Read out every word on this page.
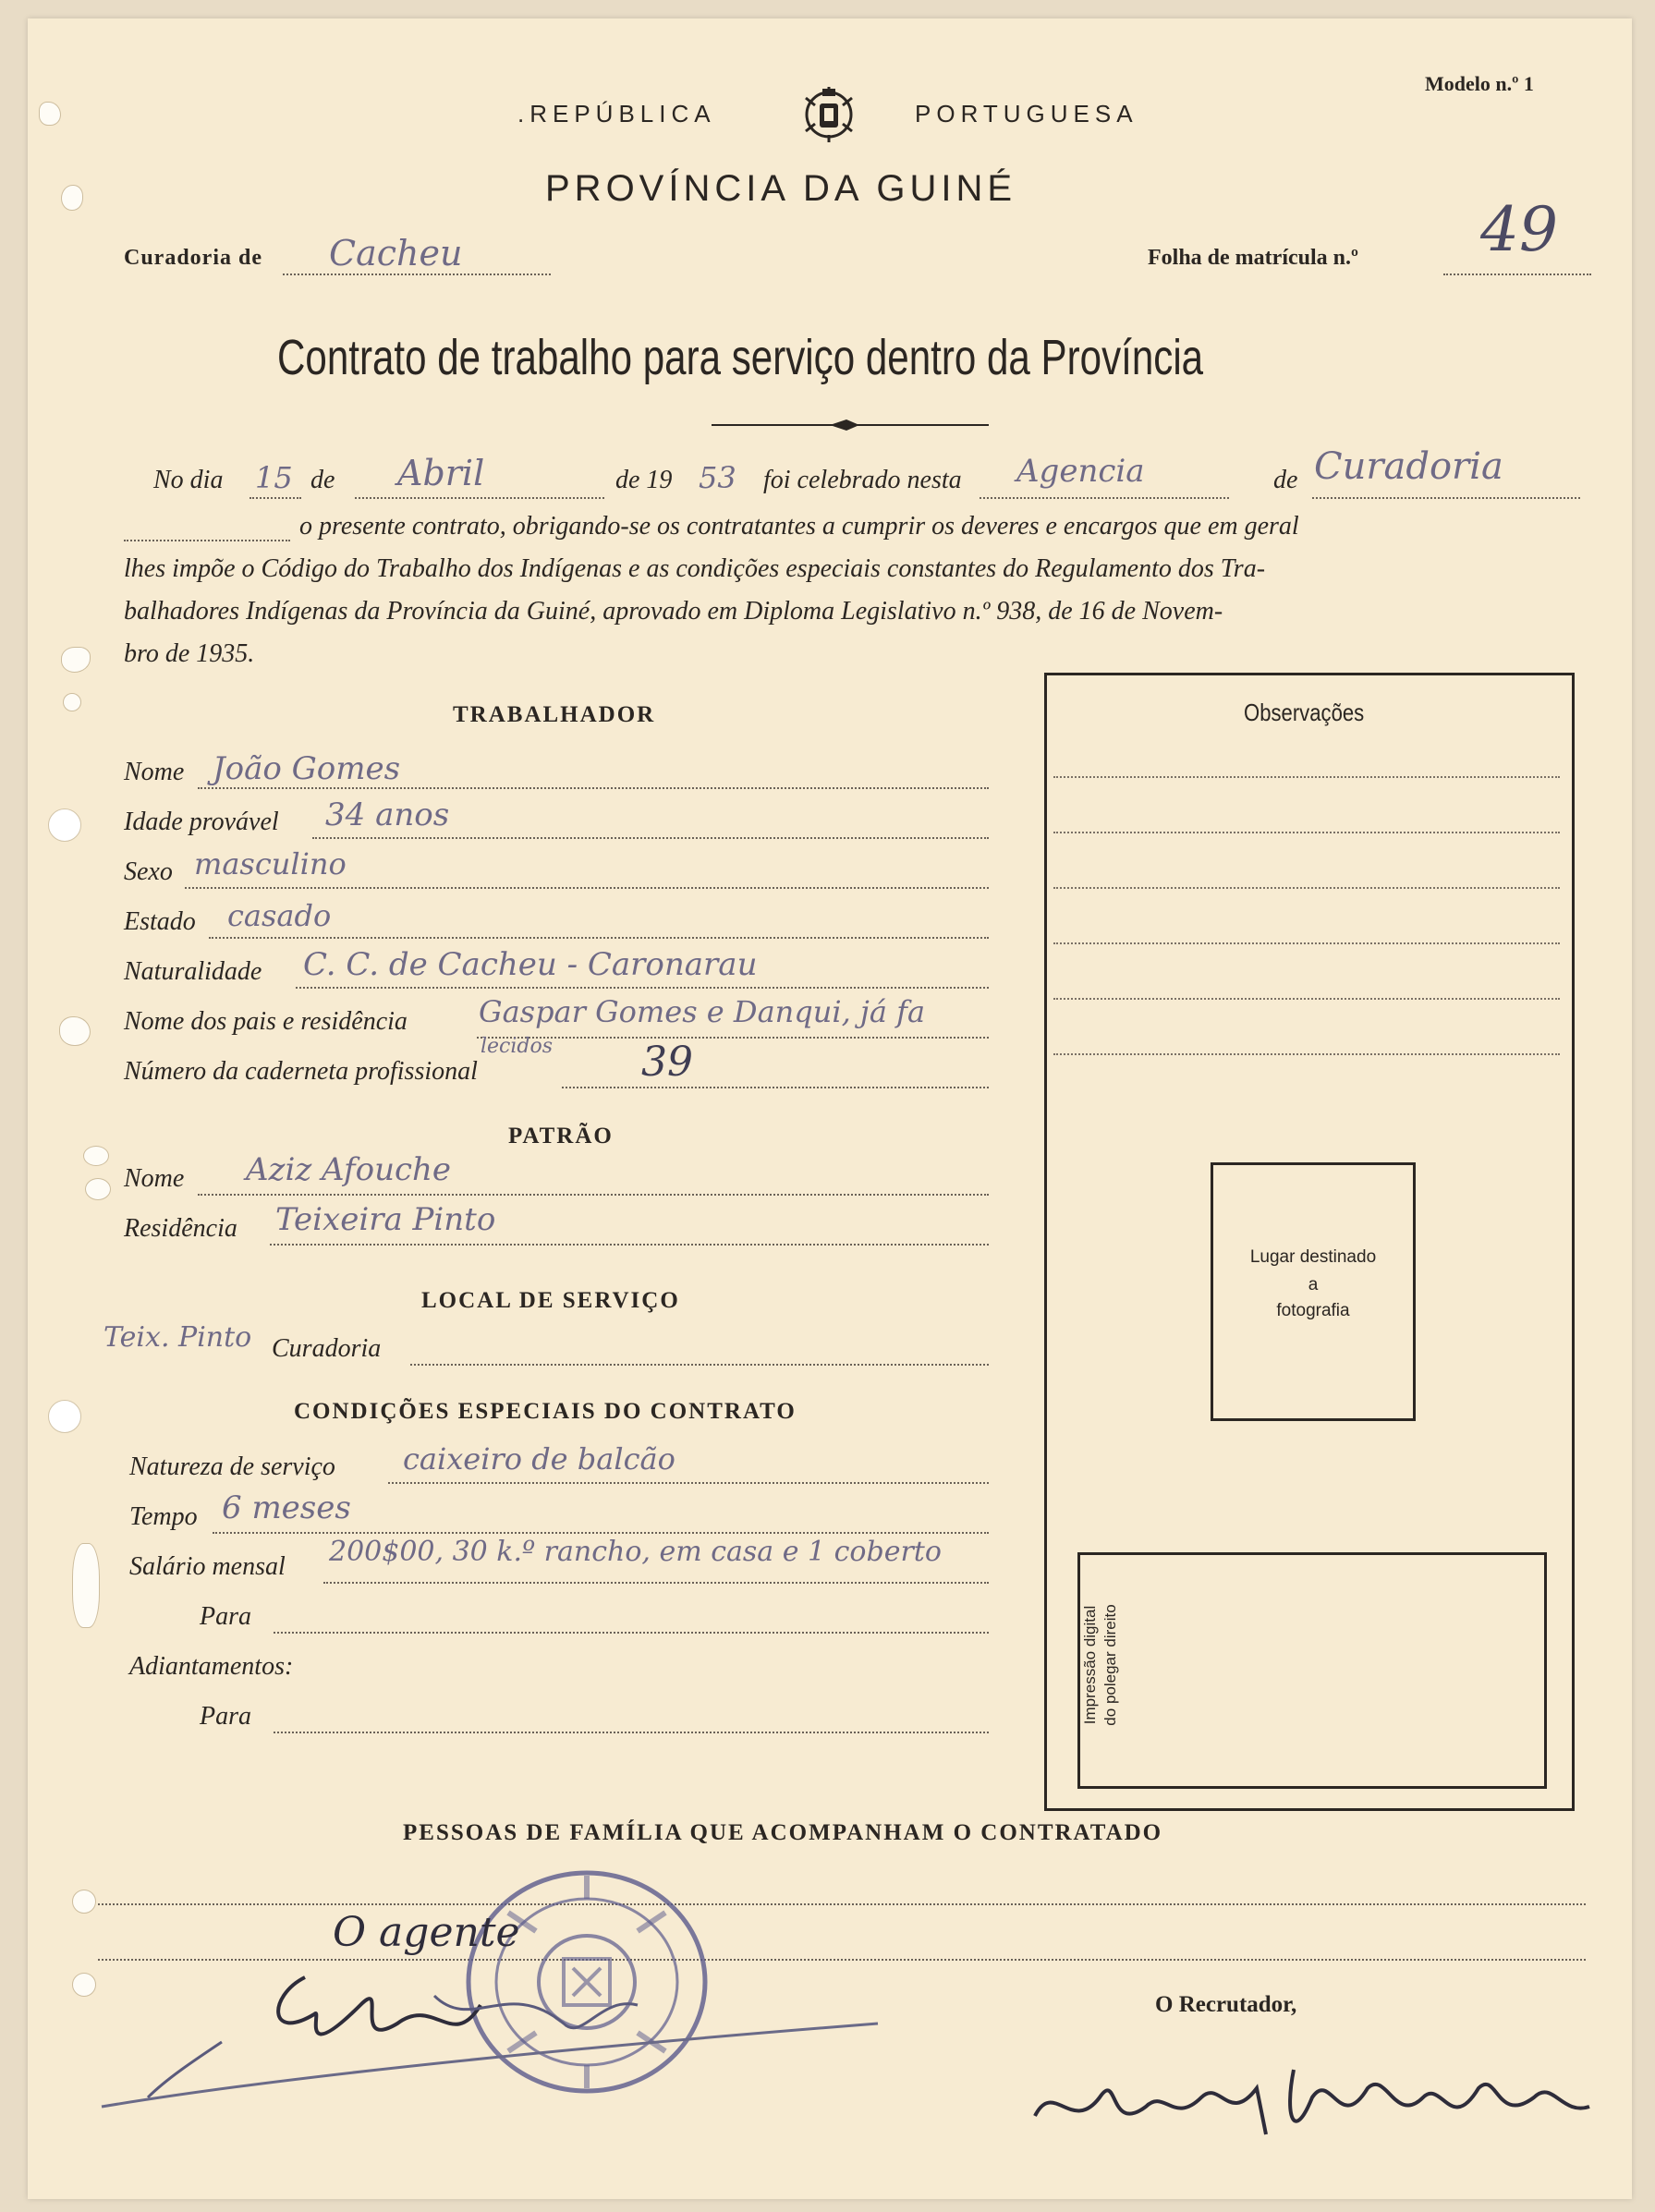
.REPÚBLICA	PORTUGUESA
Modelo n.º 1
PROVÍNCIA DA GUINÉ
Curadoria de Cacheu	Folha de matrícula n.º 49
Contrato de trabalho para serviço dentro da Província
No dia 15 de Abril	de 19 53 foi celebrado nesta Agencia	de Curadoria
o presente contrato, obrigando-se os contratantes a cumprir os deveres e encargos que em geral
lhes impõe o Código do Trabalho dos Indígenas e as condições especiais constantes do Regulamento dos Tra-
balhadores Indígenas da Província da Guiné, aprovado em Diploma Legislativo n.º 938, de 16 de Novem-
bro de 1935.
Observações
Lugar destinado
a
fotografia
Impressão digital do polegar direito
TRABALHADOR
Nome João Gomes
Idade provável 34 anos
Sexo masculino
Estado casado
Naturalidade C. C. de Cacheu - Caronarau
Nome dos pais e residência Gaspar Gomes e Danqui, já fa
lecidos
Número da caderneta profissional	39
PATRÃO
Nome Aziz Afouche
Residência Teixeira Pinto
LOCAL DE SERVIÇO
Teix. Pinto Curadoria
CONDIÇÕES ESPECIAIS DO CONTRATO
Natureza de serviço caixeiro de balcão
Tempo 6 meses
Salário mensal 200$00, 30 k.º rancho, em casa e 1 coberto
Para
Adiantamentos:
Para
PESSOAS DE FAMÍLIA QUE ACOMPANHAM O CONTRATADO
O agente
O Recrutador,
